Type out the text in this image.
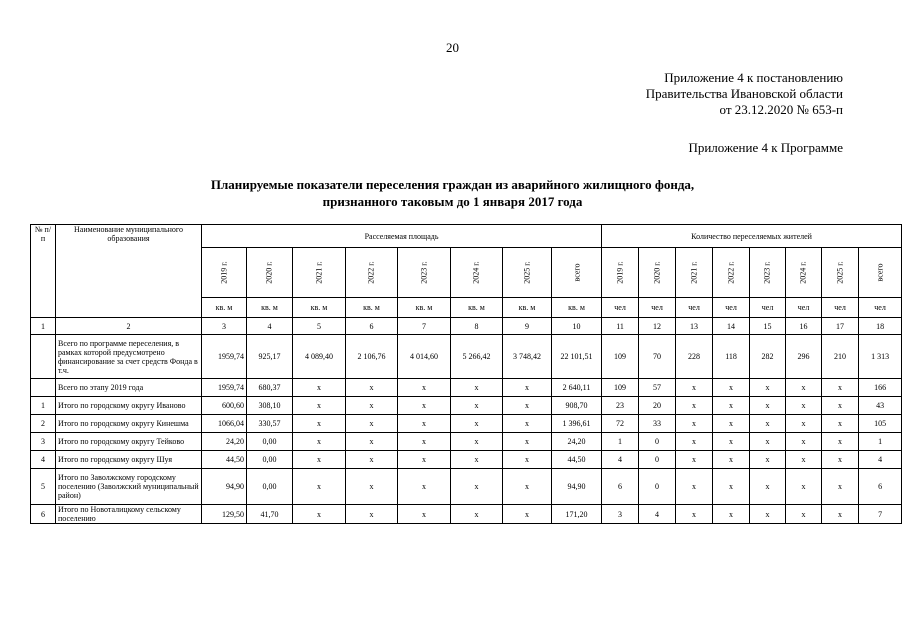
20
Приложение 4 к постановлению
Правительства Ивановской области
от 23.12.2020 № 653-п
Приложение 4 к Программе
Планируемые показатели переселения граждан из аварийного жилищного фонда,
признанного таковым до 1 января 2017 года
№ п/п	Наименование муниципального образования	Расселяемая площадь								Количество переселяемых жителей							
		2019 г.	2020 г.	2021 г.	2022 г.	2023 г.	2024 г.	2025 г.	всего	2019 г.	2020 г.	2021 г.	2022 г.	2023 г.	2024 г.	2025 г.	всего
		кв. м	кв. м	кв. м	кв. м	кв. м	кв. м	кв. м	кв. м	чел	чел	чел	чел	чел	чел	чел	чел
1	2	3	4	5	6	7	8	9	10	11	12	13	14	15	16	17	18
	Всего по программе переселения, в рамках которой предусмотрено финансирование за счет средств Фонда в т.ч.	1959,74	925,17	4 089,40	2 106,76	4 014,60	5 266,42	3 748,42	22 101,51	109	70	228	118	282	296	210	1 313
	Всего по этапу 2019 года	1959,74	680,37	х	х	х	х	х	2 640,11	109	57	х	х	х	х	х	166
1	Итого по городскому округу Иваново	600,60	308,10	х	х	х	х	х	908,70	23	20	х	х	х	х	х	43
2	Итого по городскому округу Кинешма	1066,04	330,57	х	х	х	х	х	1 396,61	72	33	х	х	х	х	х	105
3	Итого по городскому округу Тейково	24,20	0,00	х	х	х	х	х	24,20	1	0	х	х	х	х	х	1
4	Итого по городскому округу Шуя	44,50	0,00	х	х	х	х	х	44,50	4	0	х	х	х	х	х	4
5	Итого по Заволжскому городскому поселению (Заволжский муниципальный район)	94,90	0,00	х	х	х	х	х	94,90	6	0	х	х	х	х	х	6
6	Итого по Новоталицкому сельскому поселению	129,50	41,70	х	х	х	х	х	171,20	3	4	х	х	х	х	х	7
